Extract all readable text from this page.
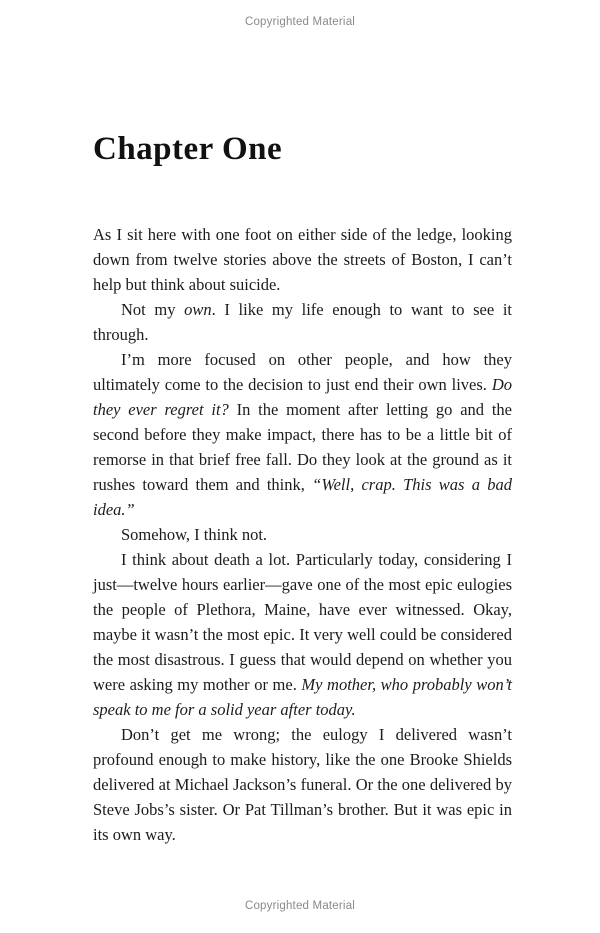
Copyrighted Material
Chapter One

As I sit here with one foot on either side of the ledge, looking down from twelve stories above the streets of Boston, I can’t help but think about suicide.

Not my own. I like my life enough to want to see it through.

I’m more focused on other people, and how they ultimately come to the decision to just end their own lives. Do they ever regret it? In the moment after letting go and the second before they make impact, there has to be a little bit of remorse in that brief free fall. Do they look at the ground as it rushes toward them and think, “Well, crap. This was a bad idea.”

Somehow, I think not.

I think about death a lot. Particularly today, considering I just—twelve hours earlier—gave one of the most epic eulogies the people of Plethora, Maine, have ever witnessed. Okay, maybe it wasn’t the most epic. It very well could be considered the most disastrous. I guess that would depend on whether you were asking my mother or me. My mother, who probably won’t speak to me for a solid year after today.

Don’t get me wrong; the eulogy I delivered wasn’t profound enough to make history, like the one Brooke Shields delivered at Michael Jackson’s funeral. Or the one delivered by Steve Jobs’s sister. Or Pat Tillman’s brother. But it was epic in its own way.

Copyrighted Material
